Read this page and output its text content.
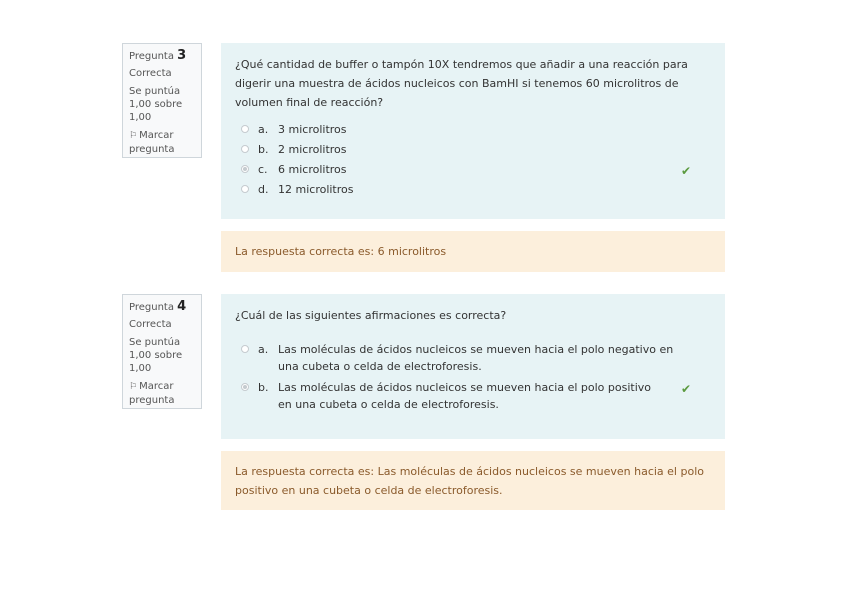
Pregunta 3
Correcta
Se puntúa 1,00 sobre 1,00
⚐ Marcar pregunta
¿Qué cantidad de buffer o tampón 10X tendremos que añadir a una reacción para digerir una muestra de ácidos nucleicos con BamHI si tenemos 60 microlitros de volumen final de reacción?
a. 3 microlitros
b. 2 microlitros
c. 6 microlitros	✔
d. 12 microlitros
La respuesta correcta es: 6 microlitros
Pregunta 4
Correcta
Se puntúa 1,00 sobre 1,00
⚐ Marcar pregunta
¿Cuál de las siguientes afirmaciones es correcta?
a. Las moléculas de ácidos nucleicos se mueven hacia el polo negativo en una cubeta o celda de electroforesis.
b. Las moléculas de ácidos nucleicos se mueven hacia el polo positivo en una cubeta o celda de electroforesis.
✔
La respuesta correcta es: Las moléculas de ácidos nucleicos se mueven hacia el polo positivo en una cubeta o celda de electroforesis.
